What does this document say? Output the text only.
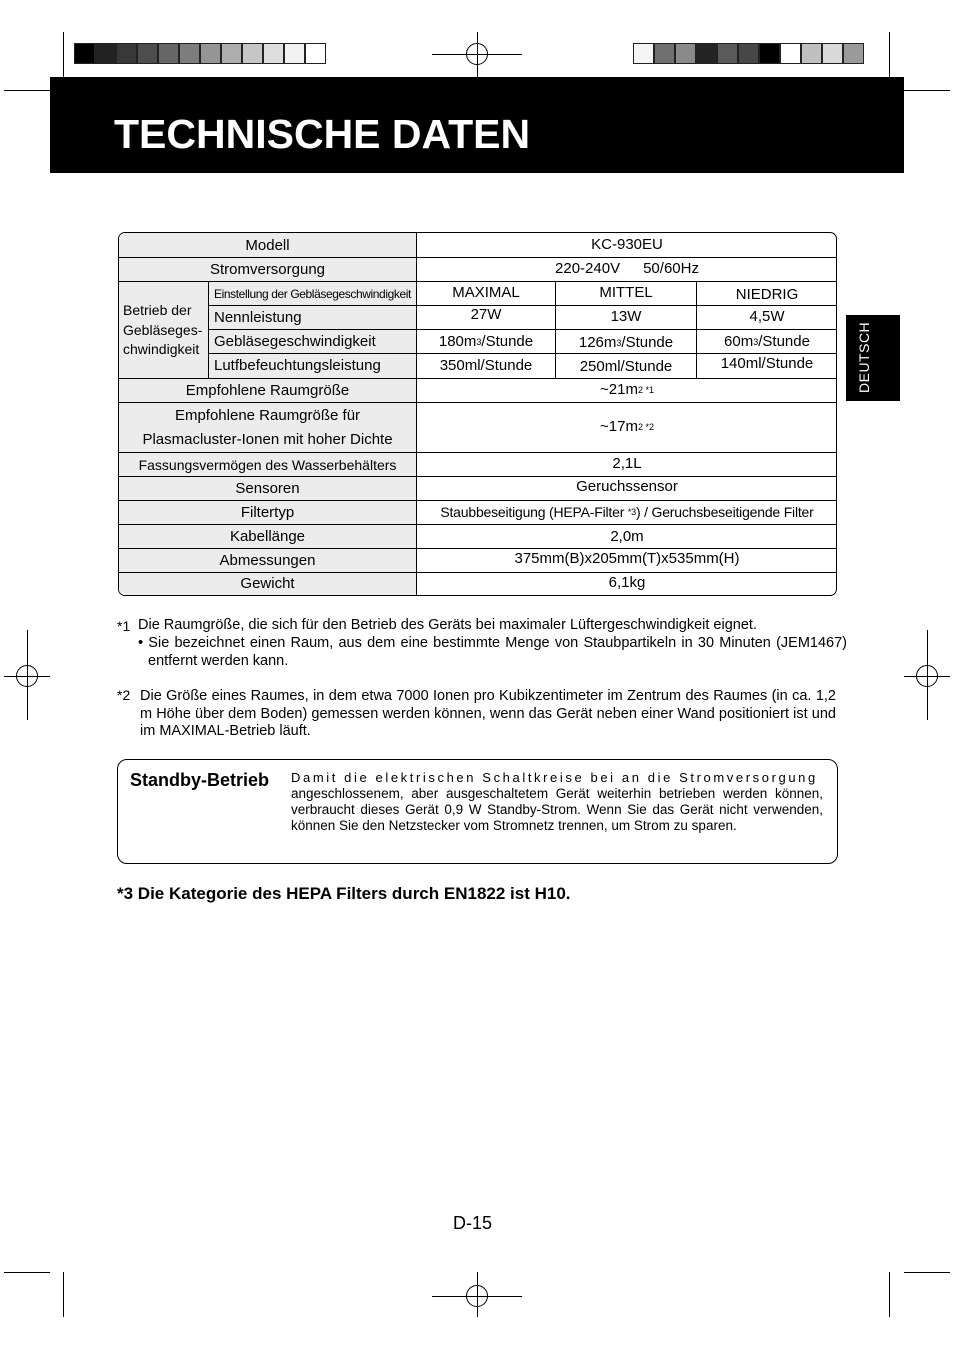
TECHNISCHE DATEN
DEUTSCH
Modell	KC-930EU
Stromversorgung	220-240V 50/60Hz
Betrieb der
Gebläseges-
chwindigkeit
Einstellung der Gebläsegeschwindigkeit	MAXIMAL	MITTEL	NIEDRIG
Nennleistung	27W	13W	4,5W
Gebläsegeschwindigkeit	180m 3 /Stunde	126m 3 /Stunde	60m 3 /Stunde
Lutfbefeuchtungsleistung	350ml/Stunde	250ml/Stunde	140ml/Stunde
Empfohlene Raumgröße	~21m 2 *1
Empfohlene Raumgröße für
Plasmacluster-Ionen mit hoher Dichte
~17m 2 *2
Fassungsvermögen des Wasserbehälters	2,1L
Sensoren	Geruchssensor
Filtertyp	Staubbeseitigung (HEPA-Filter *3 ) / Geruchsbeseitigende Filter
Kabellänge	2,0m
Abmessungen	375mm(B)x205mm(T)x535mm(H)
Gewicht	6,1kg
*1 Die Raumgröße, die sich für den Betrieb des Geräts bei maximaler Lüftergeschwindigkeit eignet.
• Sie bezeichnet einen Raum, aus dem eine bestimmte Menge von Staubpartikeln in 30 Minuten (JEM1467) entfernt werden kann.
*2 Die Größe eines Raumes, in dem etwa 7000 Ionen pro Kubikzentimeter im Zentrum des Raumes (in ca. 1,2 m Höhe über dem Boden) gemessen werden können, wenn das Gerät neben einer Wand positioniert ist und im MAXIMAL-Betrieb läuft.
Standby-Betrieb Damit die elektrischen Schaltkreise bei an die Stromversorgung
angeschlossenem, aber ausgeschaltetem Gerät weiterhin betrieben werden können, verbraucht dieses Gerät 0,9 W Standby-Strom. Wenn Sie das Gerät nicht verwenden, können Sie den Netzstecker vom Stromnetz trennen, um Strom zu sparen.
*3 Die Kategorie des HEPA Filters durch EN1822 ist H10.
D-15
